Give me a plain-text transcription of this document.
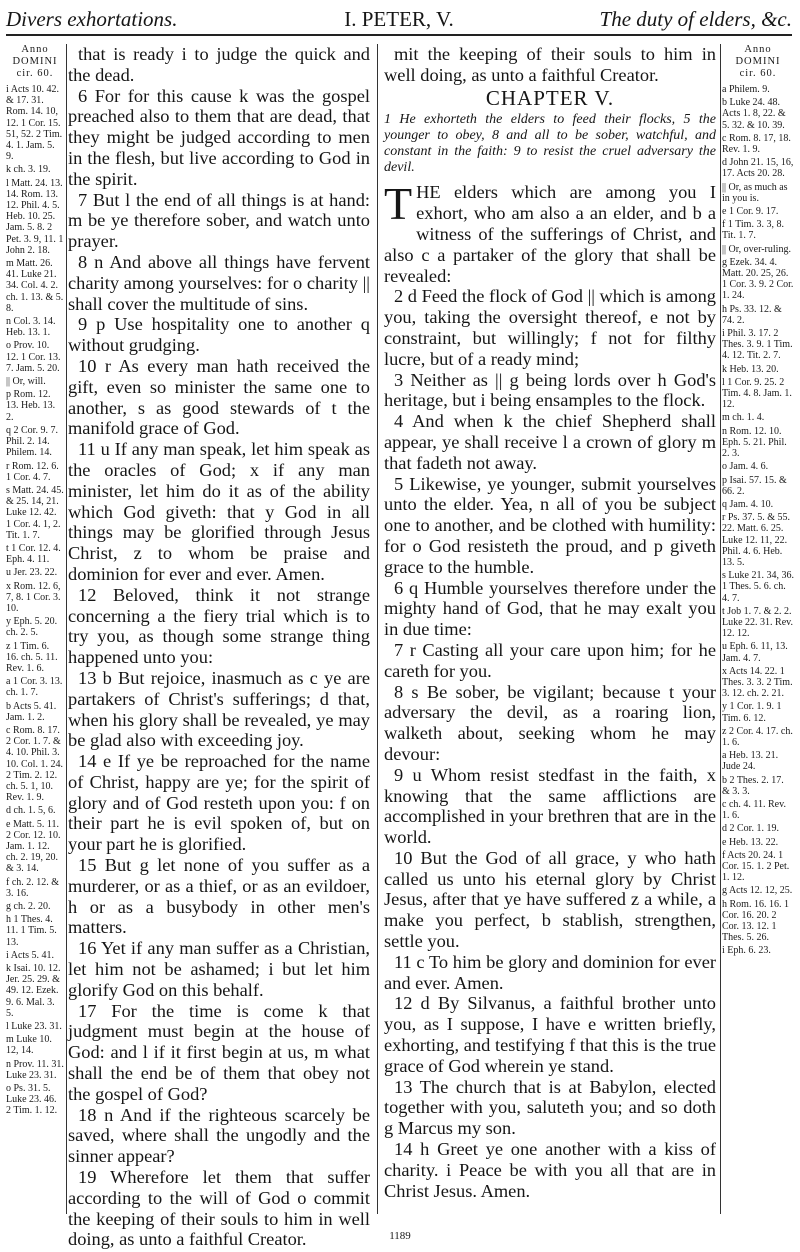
Divers exhortations.	I. PETER, V.	The duty of elders, &c.
Anno
DOMINI
cir. 60.
i Acts 10. 42. & 17. 31. Rom. 14. 10, 12. 1 Cor. 15. 51, 52. 2 Tim. 4. 1. Jam. 5. 9.
k ch. 3. 19.
l Matt. 24. 13. 14. Rom. 13. 12. Phil. 4. 5. Heb. 10. 25. Jam. 5. 8. 2 Pet. 3. 9, 11. 1 John 2. 18.
m Matt. 26. 41. Luke 21. 34. Col. 4. 2. ch. 1. 13. & 5. 8.
n Col. 3. 14. Heb. 13. 1.
o Prov. 10. 12. 1 Cor. 13. 7. Jam. 5. 20.
|| Or, will.
p Rom. 12. 13. Heb. 13. 2.
q 2 Cor. 9. 7. Phil. 2. 14. Philem. 14.
r Rom. 12. 6. 1 Cor. 4. 7.
s Matt. 24. 45. & 25. 14, 21. Luke 12. 42. 1 Cor. 4. 1, 2. Tit. 1. 7.
t 1 Cor. 12. 4. Eph. 4. 11.
u Jer. 23. 22.
x Rom. 12. 6, 7, 8. 1 Cor. 3. 10.
y Eph. 5. 20. ch. 2. 5.
z 1 Tim. 6. 16. ch. 5. 11. Rev. 1. 6.
a 1 Cor. 3. 13. ch. 1. 7.
b Acts 5. 41. Jam. 1. 2.
c Rom. 8. 17. 2 Cor. 1. 7. & 4. 10. Phil. 3. 10. Col. 1. 24. 2 Tim. 2. 12. ch. 5. 1, 10. Rev. 1. 9.
d ch. 1. 5, 6.
e Matt. 5. 11. 2 Cor. 12. 10. Jam. 1. 12. ch. 2. 19, 20. & 3. 14.
f ch. 2. 12. & 3. 16.
g ch. 2. 20.
h 1 Thes. 4. 11. 1 Tim. 5. 13.
i Acts 5. 41.
k Isai. 10. 12. Jer. 25. 29. & 49. 12. Ezek. 9. 6. Mal. 3. 5.
l Luke 23. 31.
m Luke 10. 12, 14.
n Prov. 11. 31. Luke 23. 31.
o Ps. 31. 5. Luke 23. 46. 2 Tim. 1. 12.

that is ready i to judge the quick and the dead.

6 For for this cause k was the gospel preached also to them that are dead, that they might be judged according to men in the flesh, but live according to God in the spirit.

7 But l the end of all things is at hand: m be ye therefore sober, and watch unto prayer.

8 n And above all things have fervent charity among yourselves: for o charity || shall cover the multitude of sins.

9 p Use hospitality one to another q without grudging.

10 r As every man hath received the gift, even so minister the same one to another, s as good stewards of t the manifold grace of God.

11 u If any man speak, let him speak as the oracles of God; x if any man minister, let him do it as of the ability which God giveth: that y God in all things may be glorified through Jesus Christ, z to whom be praise and dominion for ever and ever. Amen.

12 Beloved, think it not strange concerning a the fiery trial which is to try you, as though some strange thing happened unto you:

13 b But rejoice, inasmuch as c ye are partakers of Christ's sufferings; d that, when his glory shall be revealed, ye may be glad also with exceeding joy.

14 e If ye be reproached for the name of Christ, happy are ye; for the spirit of glory and of God resteth upon you: f on their part he is evil spoken of, but on your part he is glorified.

15 But g let none of you suffer as a murderer, or as a thief, or as an evildoer, h or as a busybody in other men's matters.

16 Yet if any man suffer as a Christian, let him not be ashamed; i but let him glorify God on this behalf.

17 For the time is come k that judgment must begin at the house of God: and l if it first begin at us, m what shall the end be of them that obey not the gospel of God?

18 n And if the righteous scarcely be saved, where shall the ungodly and the sinner appear?

19 Wherefore let them that suffer according to the will of God o commit the keeping of their souls to him in well doing, as unto a faithful Creator.

mit the keeping of their souls to him in well doing, as unto a faithful Creator.

CHAPTER V.
1 He exhorteth the elders to feed their flocks, 5 the younger to obey, 8 and all to be sober, watchful, and constant in the faith: 9 to resist the cruel adversary the devil.
T HE elders which are among you I exhort, who am also a an elder, and b a witness of the sufferings of Christ, and also c a partaker of the glory that shall be revealed:

2 d Feed the flock of God || which is among you, taking the oversight thereof, e not by constraint, but willingly; f not for filthy lucre, but of a ready mind;

3 Neither as || g being lords over h God's heritage, but i being ensamples to the flock.

4 And when k the chief Shepherd shall appear, ye shall receive l a crown of glory m that fadeth not away.

5 Likewise, ye younger, submit yourselves unto the elder. Yea, n all of you be subject one to another, and be clothed with humility: for o God resisteth the proud, and p giveth grace to the humble.

6 q Humble yourselves therefore under the mighty hand of God, that he may exalt you in due time:

7 r Casting all your care upon him; for he careth for you.

8 s Be sober, be vigilant; because t your adversary the devil, as a roaring lion, walketh about, seeking whom he may devour:

9 u Whom resist stedfast in the faith, x knowing that the same afflictions are accomplished in your brethren that are in the world.

10 But the God of all grace, y who hath called us unto his eternal glory by Christ Jesus, after that ye have suffered z a while, a make you perfect, b stablish, strengthen, settle you.

11 c To him be glory and dominion for ever and ever. Amen.

12 d By Silvanus, a faithful brother unto you, as I suppose, I have e written briefly, exhorting, and testifying f that this is the true grace of God wherein ye stand.

13 The church that is at Babylon, elected together with you, saluteth you; and so doth g Marcus my son.

14 h Greet ye one another with a kiss of charity. i Peace be with you all that are in Christ Jesus. Amen.

Anno
DOMINI
cir. 60.
a Philem. 9.
b Luke 24. 48. Acts 1. 8, 22. & 5. 32. & 10. 39.
c Rom. 8. 17, 18. Rev. 1. 9.
d John 21. 15, 16, 17. Acts 20. 28.
|| Or, as much as in you is.
e 1 Cor. 9. 17.
f 1 Tim. 3. 3, 8. Tit. 1. 7.
|| Or, over-ruling.
g Ezek. 34. 4. Matt. 20. 25, 26. 1 Cor. 3. 9. 2 Cor. 1. 24.
h Ps. 33. 12. & 74. 2.
i Phil. 3. 17. 2 Thes. 3. 9. 1 Tim. 4. 12. Tit. 2. 7.
k Heb. 13. 20.
l 1 Cor. 9. 25. 2 Tim. 4. 8. Jam. 1. 12.
m ch. 1. 4.
n Rom. 12. 10. Eph. 5. 21. Phil. 2. 3.
o Jam. 4. 6.
p Isai. 57. 15. & 66. 2.
q Jam. 4. 10.
r Ps. 37. 5. & 55. 22. Matt. 6. 25. Luke 12. 11, 22. Phil. 4. 6. Heb. 13. 5.
s Luke 21. 34, 36. 1 Thes. 5. 6. ch. 4. 7.
t Job 1. 7. & 2. 2. Luke 22. 31. Rev. 12. 12.
u Eph. 6. 11, 13. Jam. 4. 7.
x Acts 14. 22. 1 Thes. 3. 3. 2 Tim. 3. 12. ch. 2. 21.
y 1 Cor. 1. 9. 1 Tim. 6. 12.
z 2 Cor. 4. 17. ch. 1. 6.
a Heb. 13. 21. Jude 24.
b 2 Thes. 2. 17. & 3. 3.
c ch. 4. 11. Rev. 1. 6.
d 2 Cor. 1. 19.
e Heb. 13. 22.
f Acts 20. 24. 1 Cor. 15. 1. 2 Pet. 1. 12.
g Acts 12. 12, 25.
h Rom. 16. 16. 1 Cor. 16. 20. 2 Cor. 13. 12. 1 Thes. 5. 26.
i Eph. 6. 23.
1189
